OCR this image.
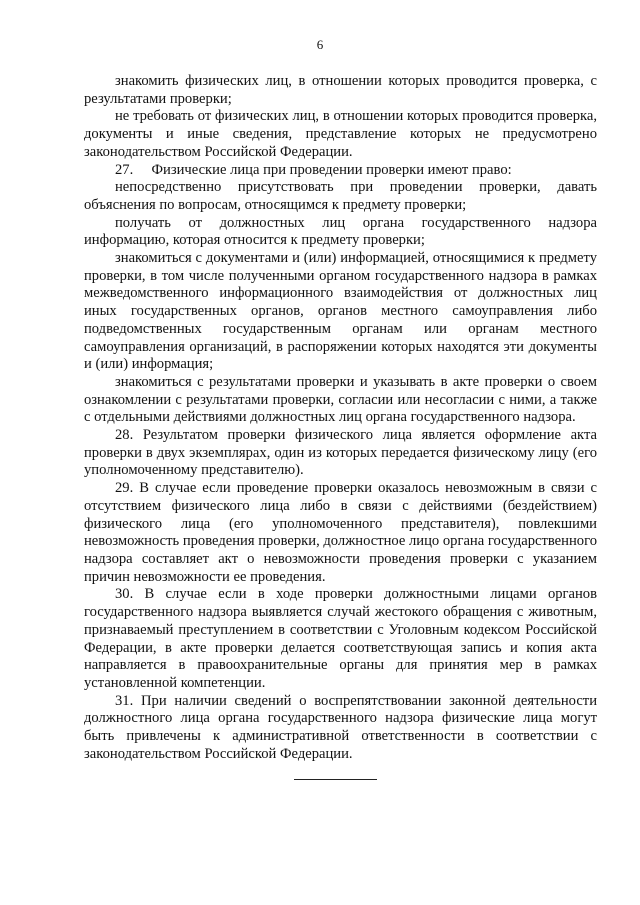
6

знакомить физических лиц, в отношении которых проводится проверка, с результатами проверки;

не требовать от физических лиц, в отношении которых проводится проверка, документы и иные сведения, представление которых не предусмотрено законодательством Российской Федерации.

27.     Физические лица при проведении проверки имеют право:

непосредственно присутствовать при проведении проверки, давать объяснения по вопросам, относящимся к предмету проверки;

получать от должностных лиц органа государственного надзора информацию, которая относится к предмету проверки;

знакомиться с документами и (или) информацией, относящимися к предмету проверки, в том числе полученными органом государственного надзора в рамках межведомственного информационного взаимодействия от должностных лиц иных государственных органов, органов местного самоуправления либо подведомственных государственным органам или органам местного самоуправления организаций, в распоряжении которых находятся эти документы и (или) информация;

знакомиться с результатами проверки и указывать в акте проверки о своем ознакомлении с результатами проверки, согласии или несогласии с ними, а также с отдельными действиями должностных лиц органа государственного надзора.

28. Результатом проверки физического лица является оформление акта проверки в двух экземплярах, один из которых передается физическому лицу (его уполномоченному представителю).

29. В случае если проведение проверки оказалось невозможным в связи с отсутствием физического лица либо в связи с действиями (бездействием) физического лица (его уполномоченного представителя), повлекшими невозможность проведения проверки, должностное лицо органа государственного надзора составляет акт о невозможности проведения проверки с указанием причин невозможности ее проведения.

30. В случае если в ходе проверки должностными лицами органов государственного надзора выявляется случай жестокого обращения с животным, признаваемый преступлением в соответствии с Уголовным кодексом Российской Федерации, в акте проверки делается соответствующая запись и копия акта направляется в правоохранительные органы для принятия мер в рамках установленной компетенции.

31. При наличии сведений о воспрепятствовании законной деятельности должностного лица органа государственного надзора физические лица могут быть привлечены к административной ответственности в соответствии с законодательством Российской Федерации.
